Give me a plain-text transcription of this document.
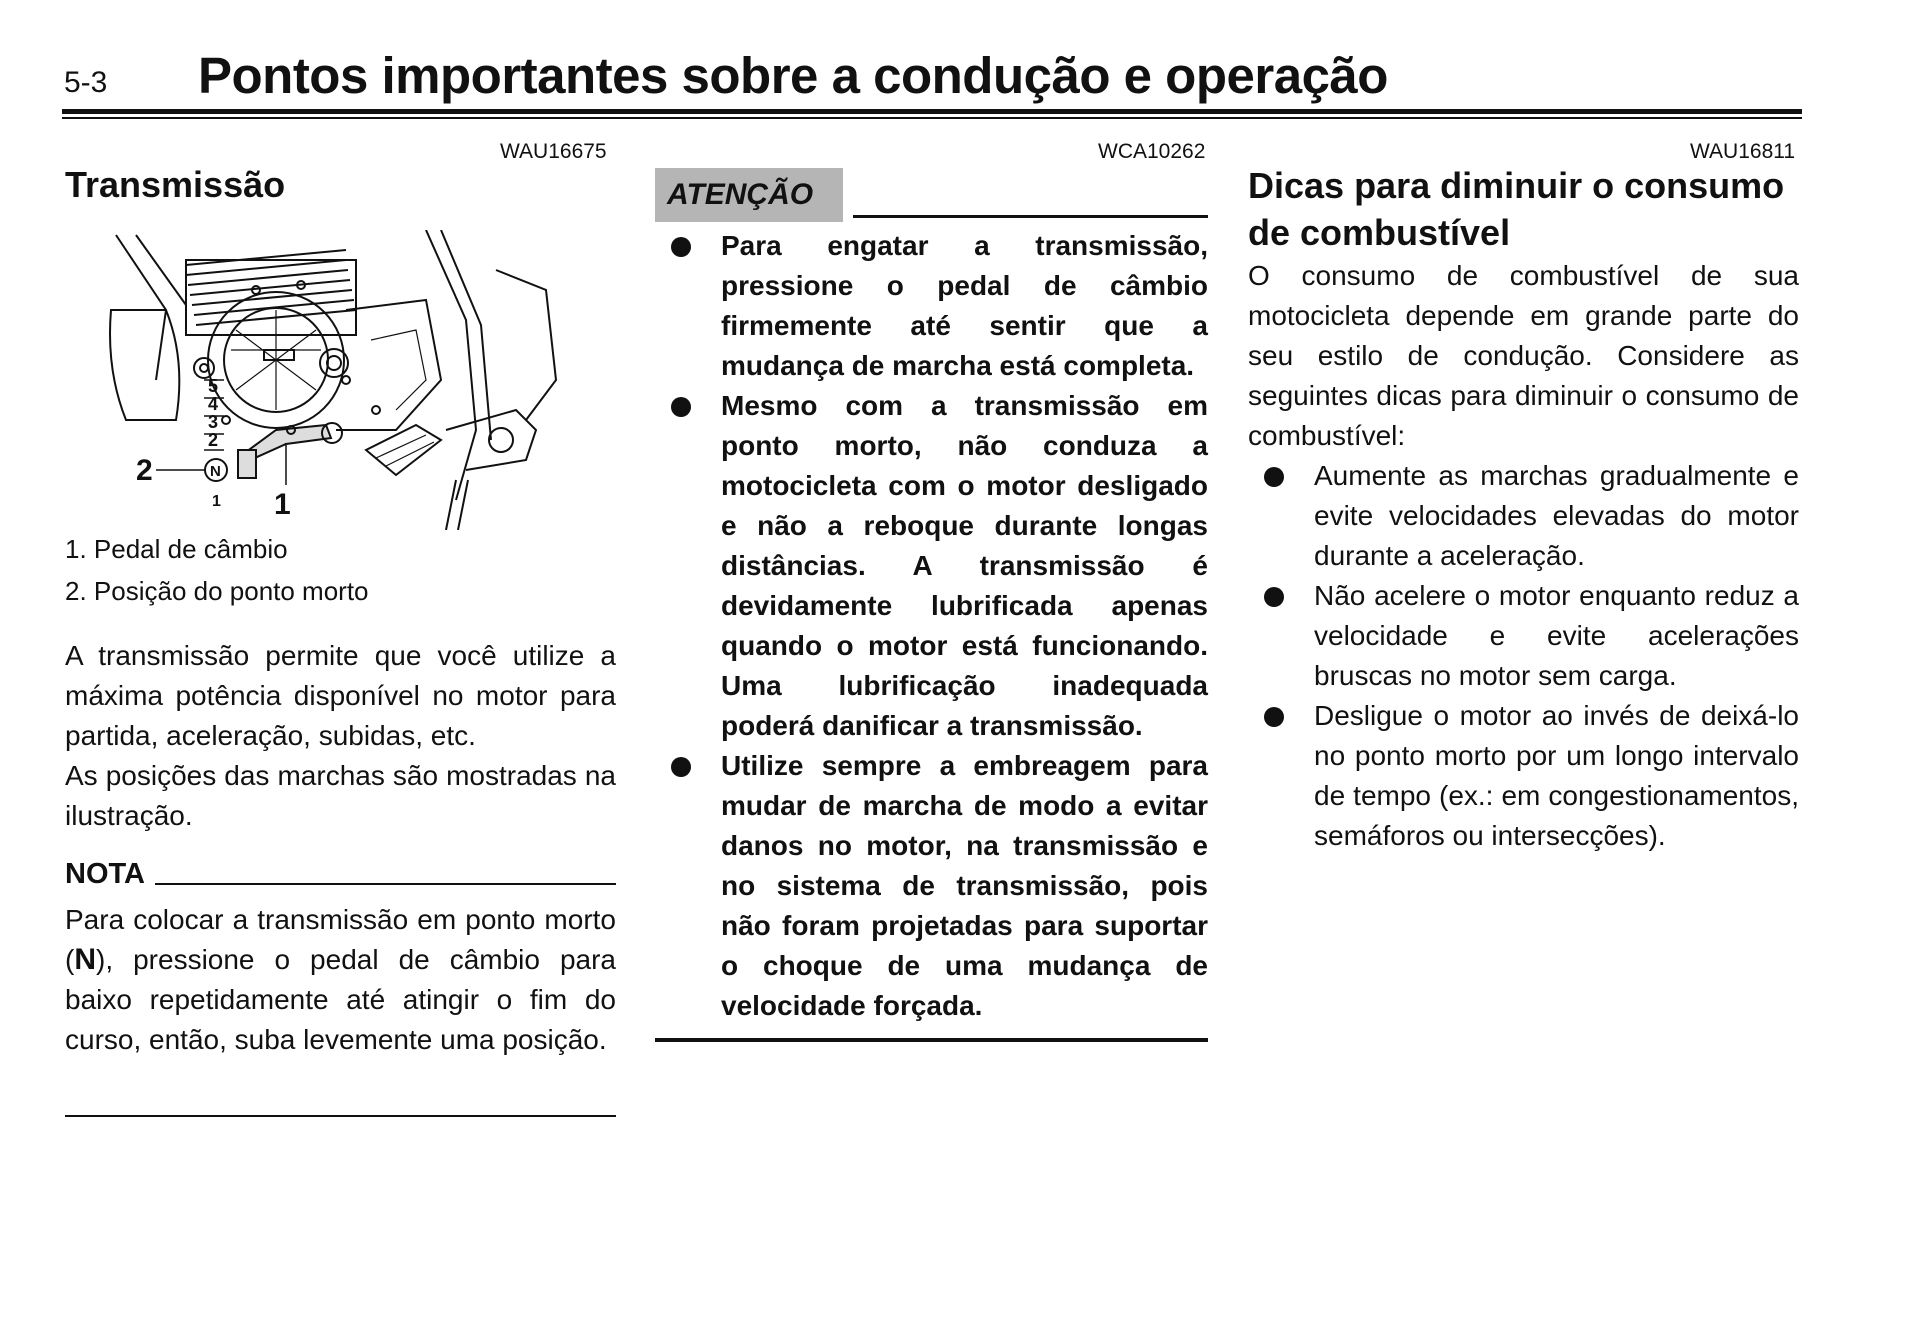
5-3 Pontos importantes sobre a condução e operação
WAU16675	WCA10262	WAU16811
Transmissão
5
4
3
2
N
1
2
1
1. Pedal de câmbio
2. Posição do ponto morto

A transmissão permite que você utilize a máxima potência disponível no motor para partida, aceleração, subidas, etc.

As posições das marchas são mostradas na ilustração.

NOTA

Para colocar a transmissão em ponto morto (N), pressione o pedal de câmbio para baixo repetidamente até atingir o fim do curso, então, suba levemente uma posição.

ATENÇÃO
Para engatar a transmissão, pressione o pedal de câmbio firmemente até sentir que a mudança de marcha está completa.
Mesmo com a transmissão em ponto morto, não conduza a motocicleta com o motor desligado e não a reboque durante longas distâncias. A transmissão é devidamente lubrificada apenas quando o motor está funcionando. Uma lubrificação inadequada poderá danificar a transmissão.
Utilize sempre a embreagem para mudar de marcha de modo a evitar danos no motor, na transmissão e no sistema de transmissão, pois não foram projetadas para suportar o choque de uma mudança de velocidade forçada.
Dicas para diminuir o consumo de combustível

O consumo de combustível de sua motocicleta depende em grande parte do seu estilo de condução. Considere as seguintes dicas para diminuir o consumo de combustível:

Aumente as marchas gradualmente e evite velocidades elevadas do motor durante a aceleração.
Não acelere o motor enquanto reduz a velocidade e evite acelerações bruscas no motor sem carga.
Desligue o motor ao invés de deixá-lo no ponto morto por um longo intervalo de tempo (ex.: em congestionamentos, semáforos ou intersecções).
